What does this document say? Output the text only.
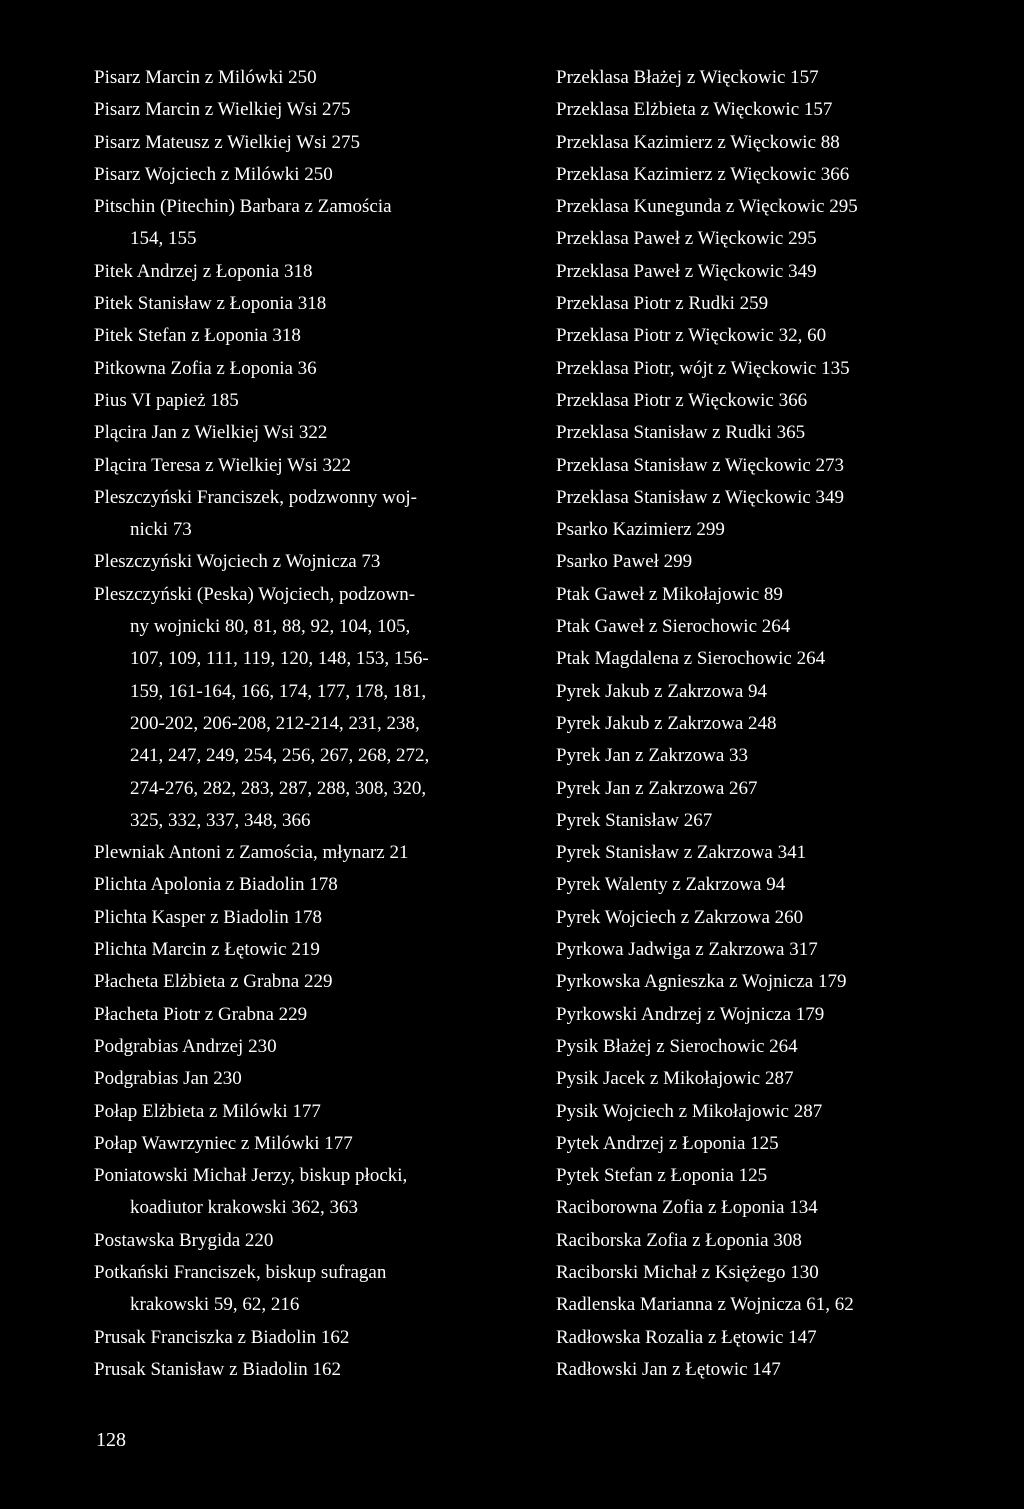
Pisarz Marcin z Milówki 250
Pisarz Marcin z Wielkiej Wsi 275
Pisarz Mateusz z Wielkiej Wsi 275
Pisarz Wojciech z Milówki 250
Pitschin (Pitechin) Barbara z Zamościa
154, 155
Pitek Andrzej z Łoponia 318
Pitek Stanisław z Łoponia 318
Pitek Stefan z Łoponia 318
Pitkowna Zofia z Łoponia 36
Pius VI papież 185
Plącira Jan z Wielkiej Wsi 322
Plącira Teresa z Wielkiej Wsi 322
Pleszczyński Franciszek, podzwonny woj-
nicki 73
Pleszczyński Wojciech z Wojnicza 73
Pleszczyński (Peska) Wojciech, podzown-
ny wojnicki 80, 81, 88, 92, 104, 105,
107, 109, 111, 119, 120, 148, 153, 156-
159, 161-164, 166, 174, 177, 178, 181,
200-202, 206-208, 212-214, 231, 238,
241, 247, 249, 254, 256, 267, 268, 272,
274-276, 282, 283, 287, 288, 308, 320,
325, 332, 337, 348, 366
Plewniak Antoni z Zamościa, młynarz 21
Plichta Apolonia z Biadolin 178
Plichta Kasper z Biadolin 178
Plichta Marcin z Łętowic 219
Płacheta Elżbieta z Grabna 229
Płacheta Piotr z Grabna 229
Podgrabias Andrzej 230
Podgrabias Jan 230
Połap Elżbieta z Milówki 177
Połap Wawrzyniec z Milówki 177
Poniatowski Michał Jerzy, biskup płocki,
koadiutor krakowski 362, 363
Postawska Brygida 220
Potkański Franciszek, biskup sufragan
krakowski 59, 62, 216
Prusak Franciszka z Biadolin 162
Prusak Stanisław z Biadolin 162
Przeklasa Błażej z Więckowic 157
Przeklasa Elżbieta z Więckowic 157
Przeklasa Kazimierz z Więckowic 88
Przeklasa Kazimierz z Więckowic 366
Przeklasa Kunegunda z Więckowic 295
Przeklasa Paweł z Więckowic 295
Przeklasa Paweł z Więckowic 349
Przeklasa Piotr z Rudki 259
Przeklasa Piotr z Więckowic 32, 60
Przeklasa Piotr, wójt z Więckowic 135
Przeklasa Piotr z Więckowic 366
Przeklasa Stanisław z Rudki 365
Przeklasa Stanisław z Więckowic 273
Przeklasa Stanisław z Więckowic 349
Psarko Kazimierz 299
Psarko Paweł 299
Ptak Gaweł z Mikołajowic 89
Ptak Gaweł z Sierochowic 264
Ptak Magdalena z Sierochowic 264
Pyrek Jakub z Zakrzowa 94
Pyrek Jakub z Zakrzowa 248
Pyrek Jan z Zakrzowa 33
Pyrek Jan z Zakrzowa 267
Pyrek Stanisław 267
Pyrek Stanisław z Zakrzowa 341
Pyrek Walenty z Zakrzowa 94
Pyrek Wojciech z Zakrzowa 260
Pyrkowa Jadwiga z Zakrzowa 317
Pyrkowska Agnieszka z Wojnicza 179
Pyrkowski Andrzej z Wojnicza 179
Pysik Błażej z Sierochowic 264
Pysik Jacek z Mikołajowic 287
Pysik Wojciech z Mikołajowic 287
Pytek Andrzej z Łoponia 125
Pytek Stefan z Łoponia 125
Raciborowna Zofia z Łoponia 134
Raciborska Zofia z Łoponia 308
Raciborski Michał z Księżego 130
Radlenska Marianna z Wojnicza 61, 62
Radłowska Rozalia z Łętowic 147
Radłowski Jan z Łętowic 147
128
